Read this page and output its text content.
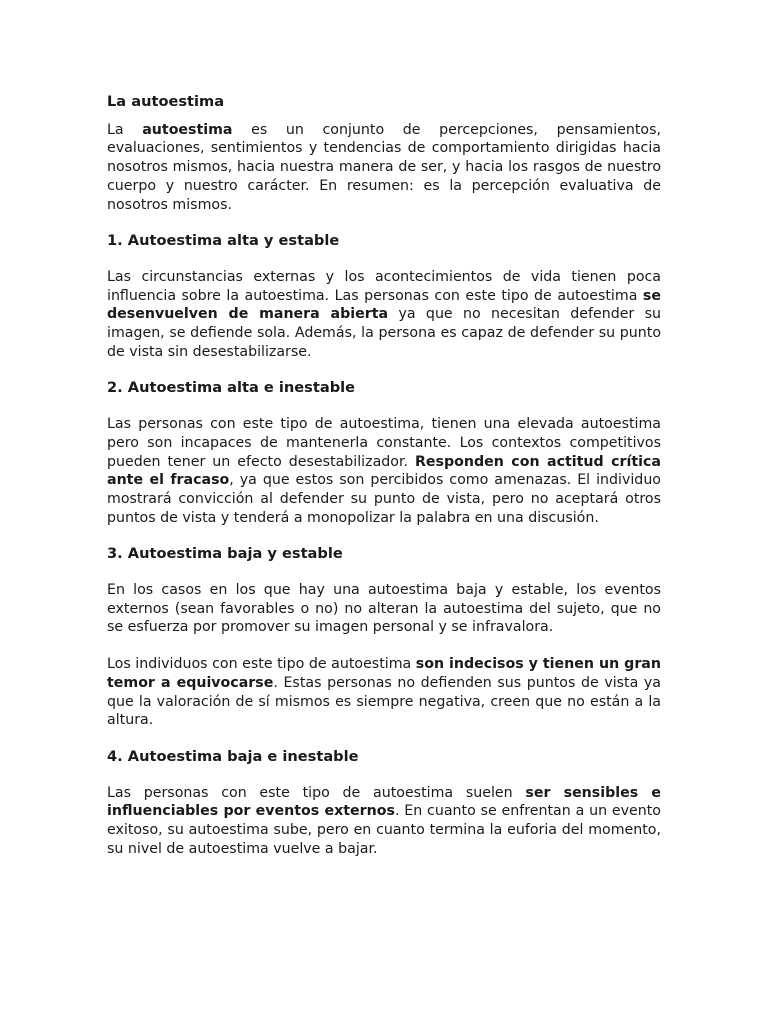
La autoestima

La autoestima es un conjunto de percepciones, pensamientos, evaluaciones, sentimientos y tendencias de comportamiento dirigidas hacia nosotros mismos, hacia nuestra manera de ser, y hacia los rasgos de nuestro cuerpo y nuestro carácter. En resumen: es la percepción evaluativa de nosotros mismos.

1. Autoestima alta y estable

Las circunstancias externas y los acontecimientos de vida tienen poca influencia sobre la autoestima. Las personas con este tipo de autoestima se desenvuelven de manera abierta ya que no necesitan defender su imagen, se defiende sola. Además, la persona es capaz de defender su punto de vista sin desestabilizarse.

2. Autoestima alta e inestable

Las personas con este tipo de autoestima, tienen una elevada autoestima pero son incapaces de mantenerla constante. Los contextos competitivos pueden tener un efecto desestabilizador. Responden con actitud crítica ante el fracaso, ya que estos son percibidos como amenazas. El individuo mostrará convicción al defender su punto de vista, pero no aceptará otros puntos de vista y tenderá a monopolizar la palabra en una discusión.

3. Autoestima baja y estable

En los casos en los que hay una autoestima baja y estable, los eventos externos (sean favorables o no) no alteran la autoestima del sujeto, que no se esfuerza por promover su imagen personal y se infravalora.

Los individuos con este tipo de autoestima son indecisos y tienen un gran temor a equivocarse. Estas personas no defienden sus puntos de vista ya que la valoración de sí mismos es siempre negativa, creen que no están a la altura.

4. Autoestima baja e inestable

Las personas con este tipo de autoestima suelen ser sensibles e influenciables por eventos externos. En cuanto se enfrentan a un evento exitoso, su autoestima sube, pero en cuanto termina la euforia del momento, su nivel de autoestima vuelve a bajar.
